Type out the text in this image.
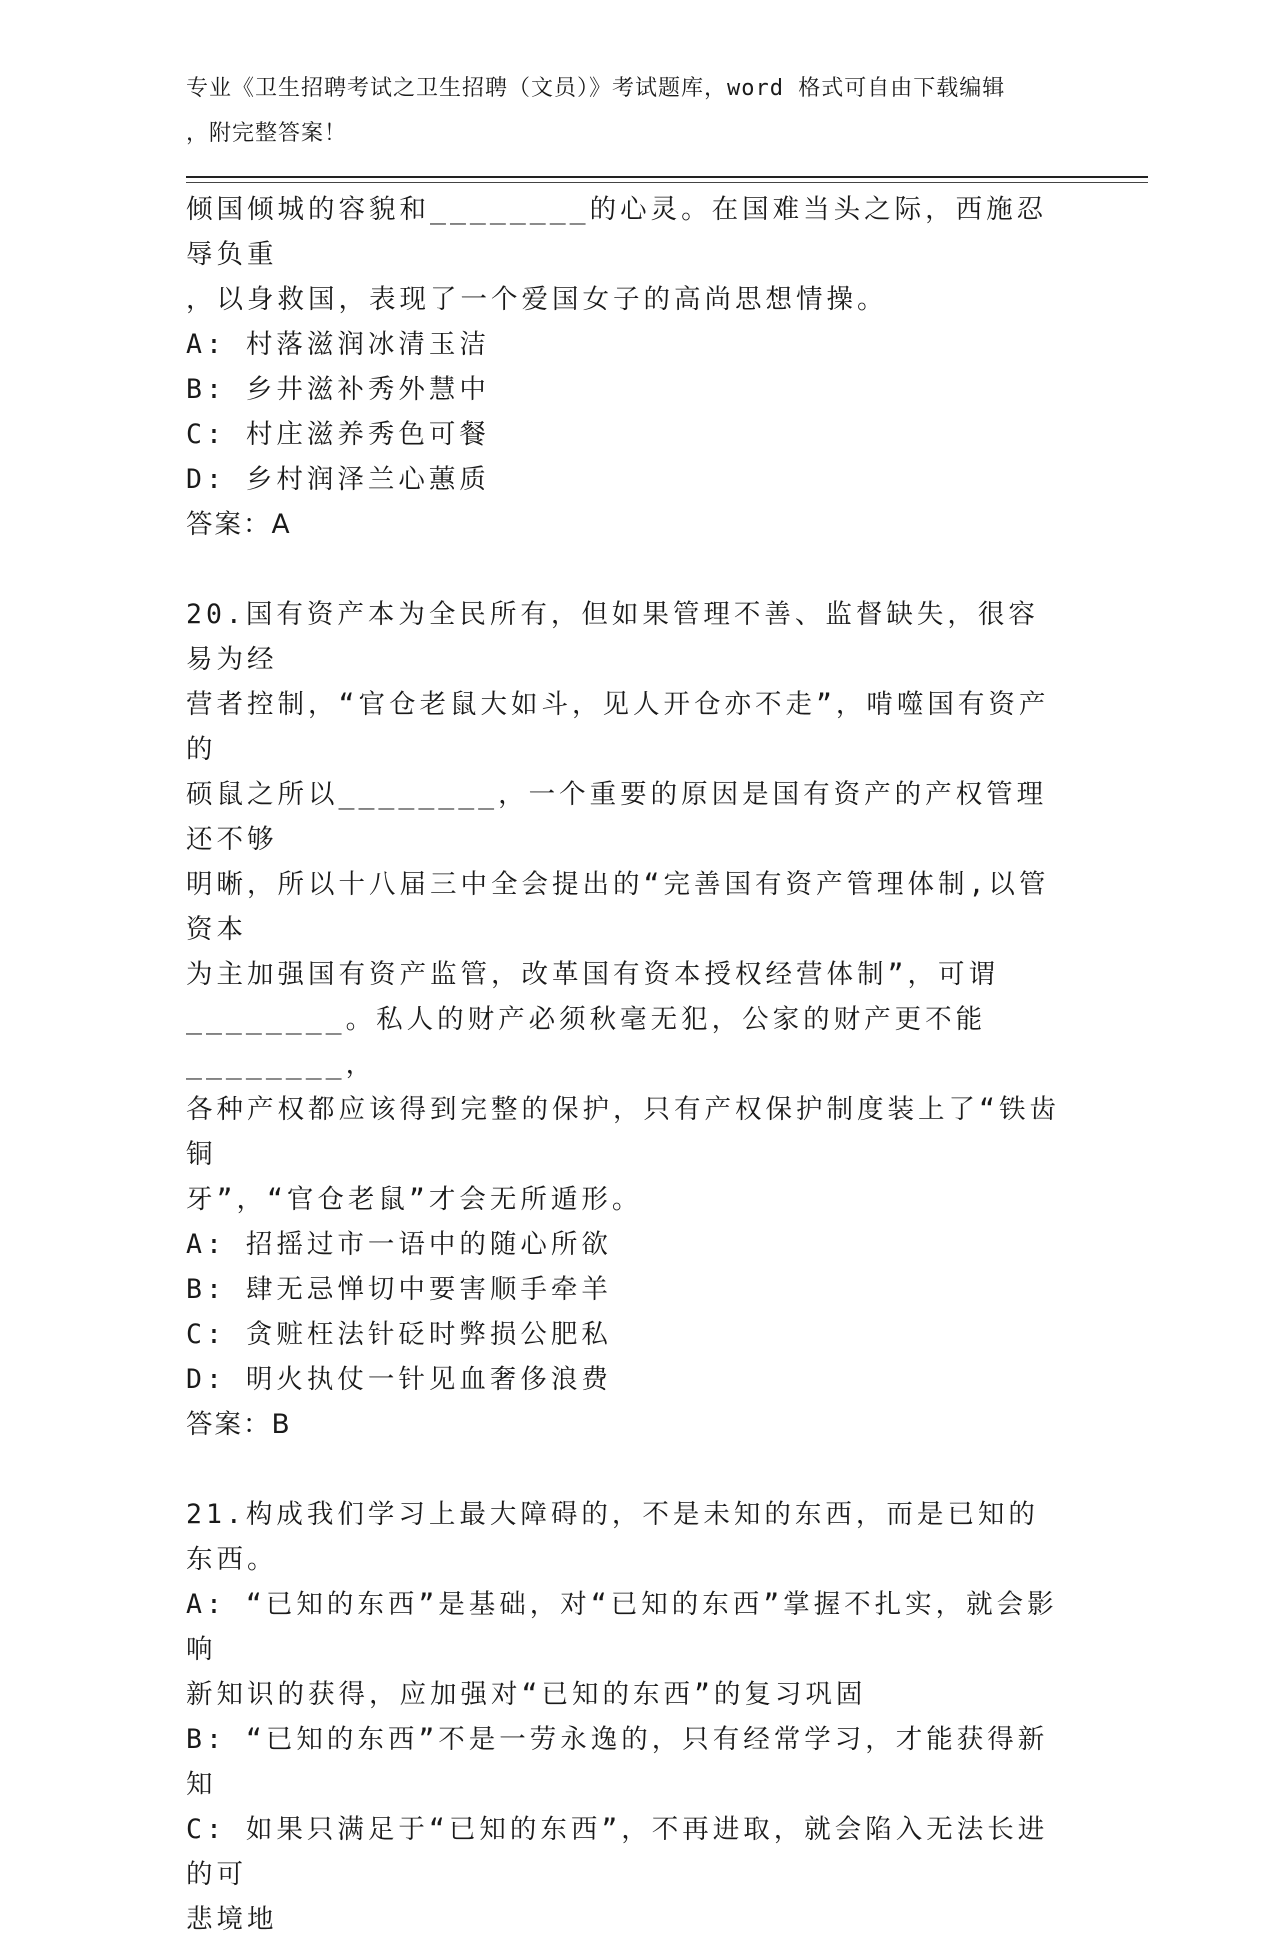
专业《卫生招聘考试之卫生招聘（文员）》考试题库，word 格式可自由下载编辑
，附完整答案！
倾国倾城的容貌和________的心灵。在国难当头之际，西施忍辱负重
，以身救国，表现了一个爱国女子的高尚思想情操。
A: 村落滋润冰清玉洁
B: 乡井滋补秀外慧中
C: 村庄滋养秀色可餐
D: 乡村润泽兰心蕙质
答案：A
20.国有资产本为全民所有，但如果管理不善、监督缺失，很容易为经
营者控制，“官仓老鼠大如斗，见人开仓亦不走”，啃噬国有资产的
硕鼠之所以________，一个重要的原因是国有资产的产权管理还不够
明晰，所以十八届三中全会提出的“完善国有资产管理体制,以管资本
为主加强国有资产监管，改革国有资本授权经营体制”，可谓
________。私人的财产必须秋毫无犯，公家的财产更不能________，
各种产权都应该得到完整的保护，只有产权保护制度装上了“铁齿铜
牙”，“官仓老鼠”才会无所遁形。
A: 招摇过市一语中的随心所欲
B: 肆无忌惮切中要害顺手牵羊
C: 贪赃枉法针砭时弊损公肥私
D: 明火执仗一针见血奢侈浪费
答案：B
21.构成我们学习上最大障碍的，不是未知的东西，而是已知的东西。
A: “已知的东西”是基础，对“已知的东西”掌握不扎实，就会影响
新知识的获得，应加强对“已知的东西”的复习巩固
B: “已知的东西”不是一劳永逸的，只有经常学习，才能获得新知
C: 如果只满足于“已知的东西”，不再进取，就会陷入无法长进的可
悲境地
